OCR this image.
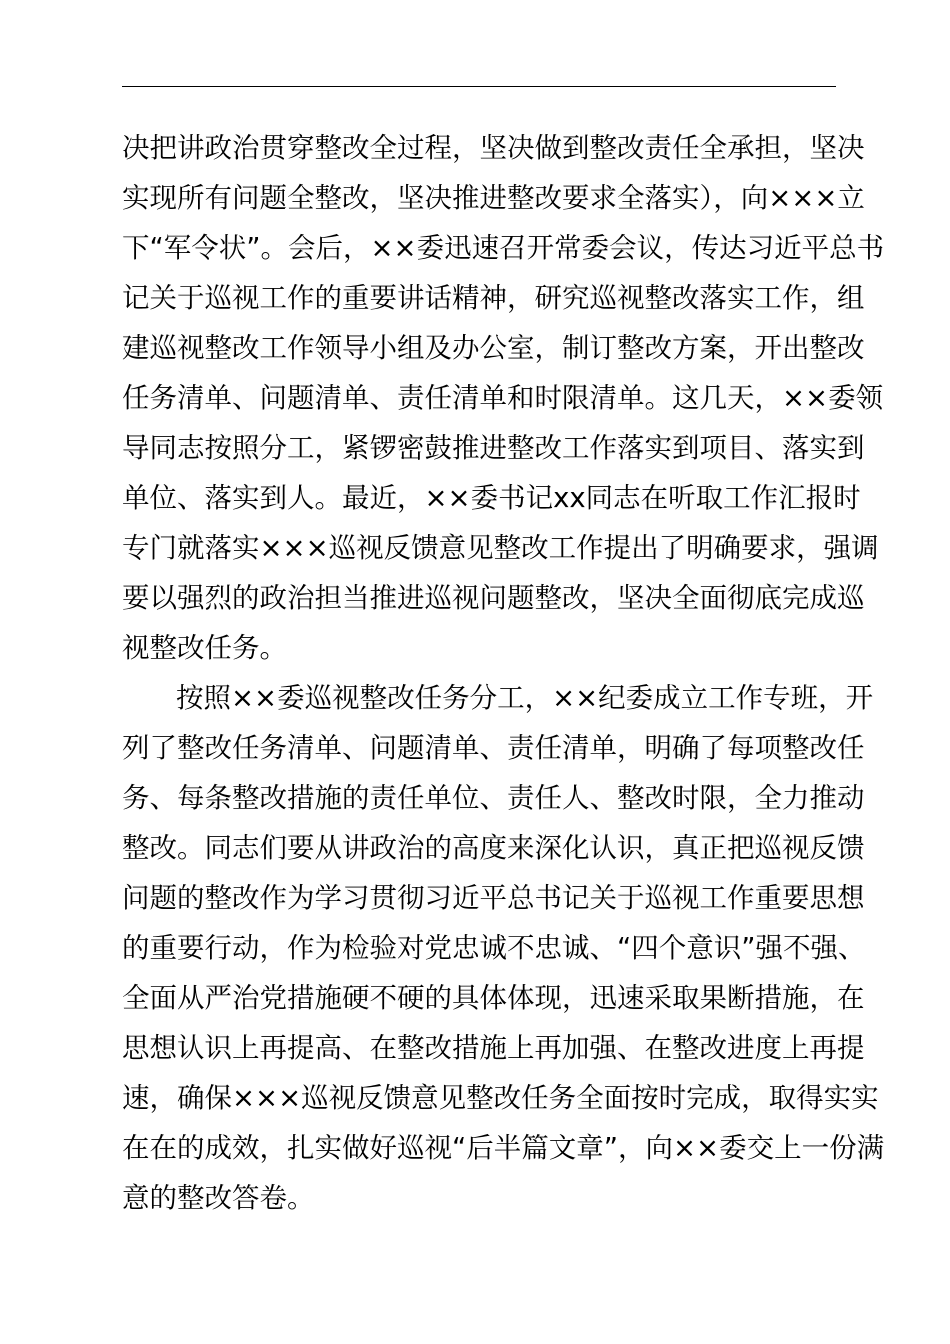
决把讲政治贯穿整改全过程，坚决做到整改责任全承担，坚决
实现所有问题全整改，坚决推进整改要求全落实），向×××立
下“军令状”。会后，××委迅速召开常委会议，传达习近平总书
记关于巡视工作的重要讲话精神，研究巡视整改落实工作，组
建巡视整改工作领导小组及办公室，制订整改方案，开出整改
任务清单、问题清单、责任清单和时限清单。这几天，××委领
导同志按照分工，紧锣密鼓推进整改工作落实到项目、落实到
单位、落实到人。最近，××委书记xx同志在听取工作汇报时
专门就落实×××巡视反馈意见整改工作提出了明确要求，强调
要以强烈的政治担当推进巡视问题整改，坚决全面彻底完成巡
视整改任务。
按照××委巡视整改任务分工，××纪委成立工作专班，开
列了整改任务清单、问题清单、责任清单，明确了每项整改任
务、每条整改措施的责任单位、责任人、整改时限，全力推动
整改。同志们要从讲政治的高度来深化认识，真正把巡视反馈
问题的整改作为学习贯彻习近平总书记关于巡视工作重要思想
的重要行动，作为检验对党忠诚不忠诚、“四个意识”强不强、
全面从严治党措施硬不硬的具体体现，迅速采取果断措施，在
思想认识上再提高、在整改措施上再加强、在整改进度上再提
速，确保×××巡视反馈意见整改任务全面按时完成，取得实实
在在的成效，扎实做好巡视“后半篇文章”，向××委交上一份满
意的整改答卷。
